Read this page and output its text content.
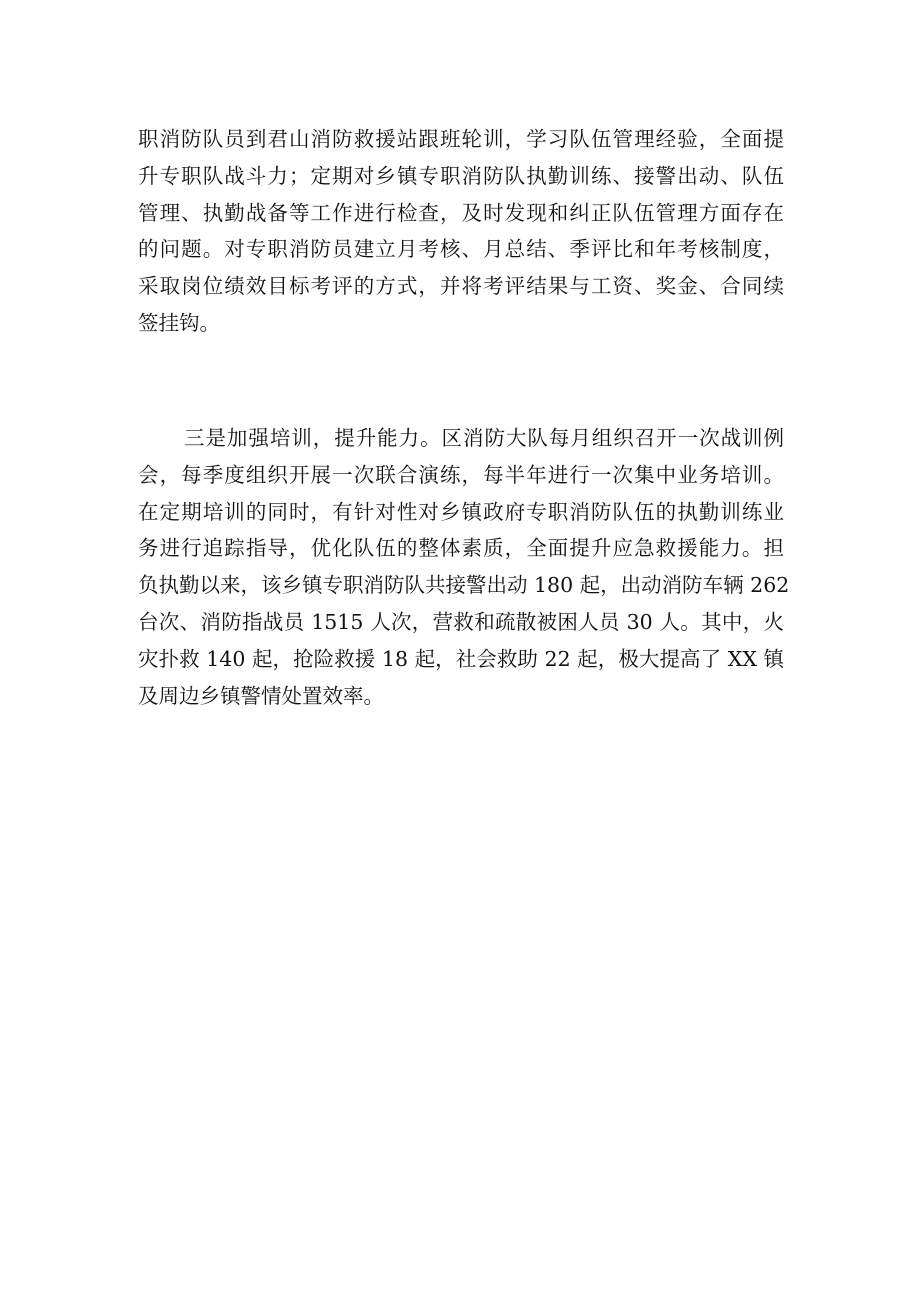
职消防队员到君山消防救援站跟班轮训，学习队伍管理经验，全面提
升专职队战斗力；定期对乡镇专职消防队执勤训练、接警出动、队伍
管理、执勤战备等工作进行检查，及时发现和纠正队伍管理方面存在
的问题。对专职消防员建立月考核、月总结、季评比和年考核制度，
采取岗位绩效目标考评的方式，并将考评结果与工资、奖金、合同续
签挂钩。

三是加强培训，提升能力。区消防大队每月组织召开一次战训例
会，每季度组织开展一次联合演练，每半年进行一次集中业务培训。
在定期培训的同时，有针对性对乡镇政府专职消防队伍的执勤训练业
务进行追踪指导，优化队伍的整体素质，全面提升应急救援能力。担
负执勤以来，该乡镇专职消防队共接警出动 180 起，出动消防车辆 262
台次、消防指战员 1515 人次，营救和疏散被困人员 30 人。其中，火
灾扑救 140 起，抢险救援 18 起，社会救助 22 起，极大提高了 XX 镇
及周边乡镇警情处置效率。
